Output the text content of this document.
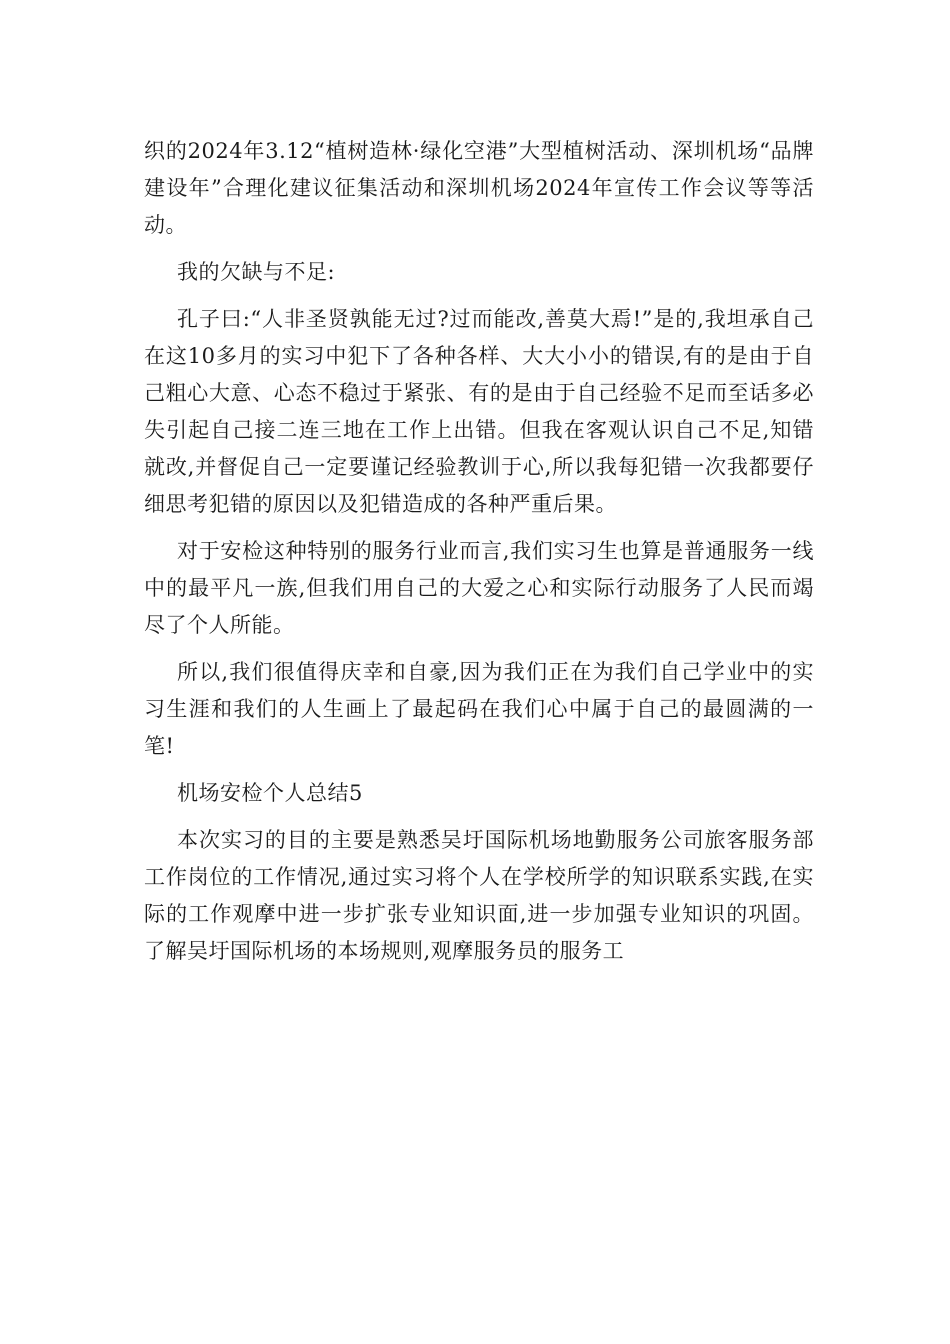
织的2024年3.12“植树造林·绿化空港”大型植树活动、深圳机场“品牌建设年”合理化建议征集活动和深圳机场2024年宣传工作会议等等活动。

我的欠缺与不足:

孔子曰:“人非圣贤孰能无过?过而能改,善莫大焉!”是的,我坦承自己在这10多月的实习中犯下了各种各样、大大小小的错误,有的是由于自己粗心大意、心态不稳过于紧张、有的是由于自己经验不足而至话多必失引起自己接二连三地在工作上出错。但我在客观认识自己不足,知错就改,并督促自己一定要谨记经验教训于心,所以我每犯错一次我都要仔细思考犯错的原因以及犯错造成的各种严重后果。

对于安检这种特别的服务行业而言,我们实习生也算是普通服务一线中的最平凡一族,但我们用自己的大爱之心和实际行动服务了人民而竭尽了个人所能。

所以,我们很值得庆幸和自豪,因为我们正在为我们自己学业中的实习生涯和我们的人生画上了最起码在我们心中属于自己的最圆满的一笔!

机场安检个人总结5

本次实习的目的主要是熟悉吴圩国际机场地勤服务公司旅客服务部工作岗位的工作情况,通过实习将个人在学校所学的知识联系实践,在实际的工作观摩中进一步扩张专业知识面,进一步加强专业知识的巩固。了解吴圩国际机场的本场规则,观摩服务员的服务工
